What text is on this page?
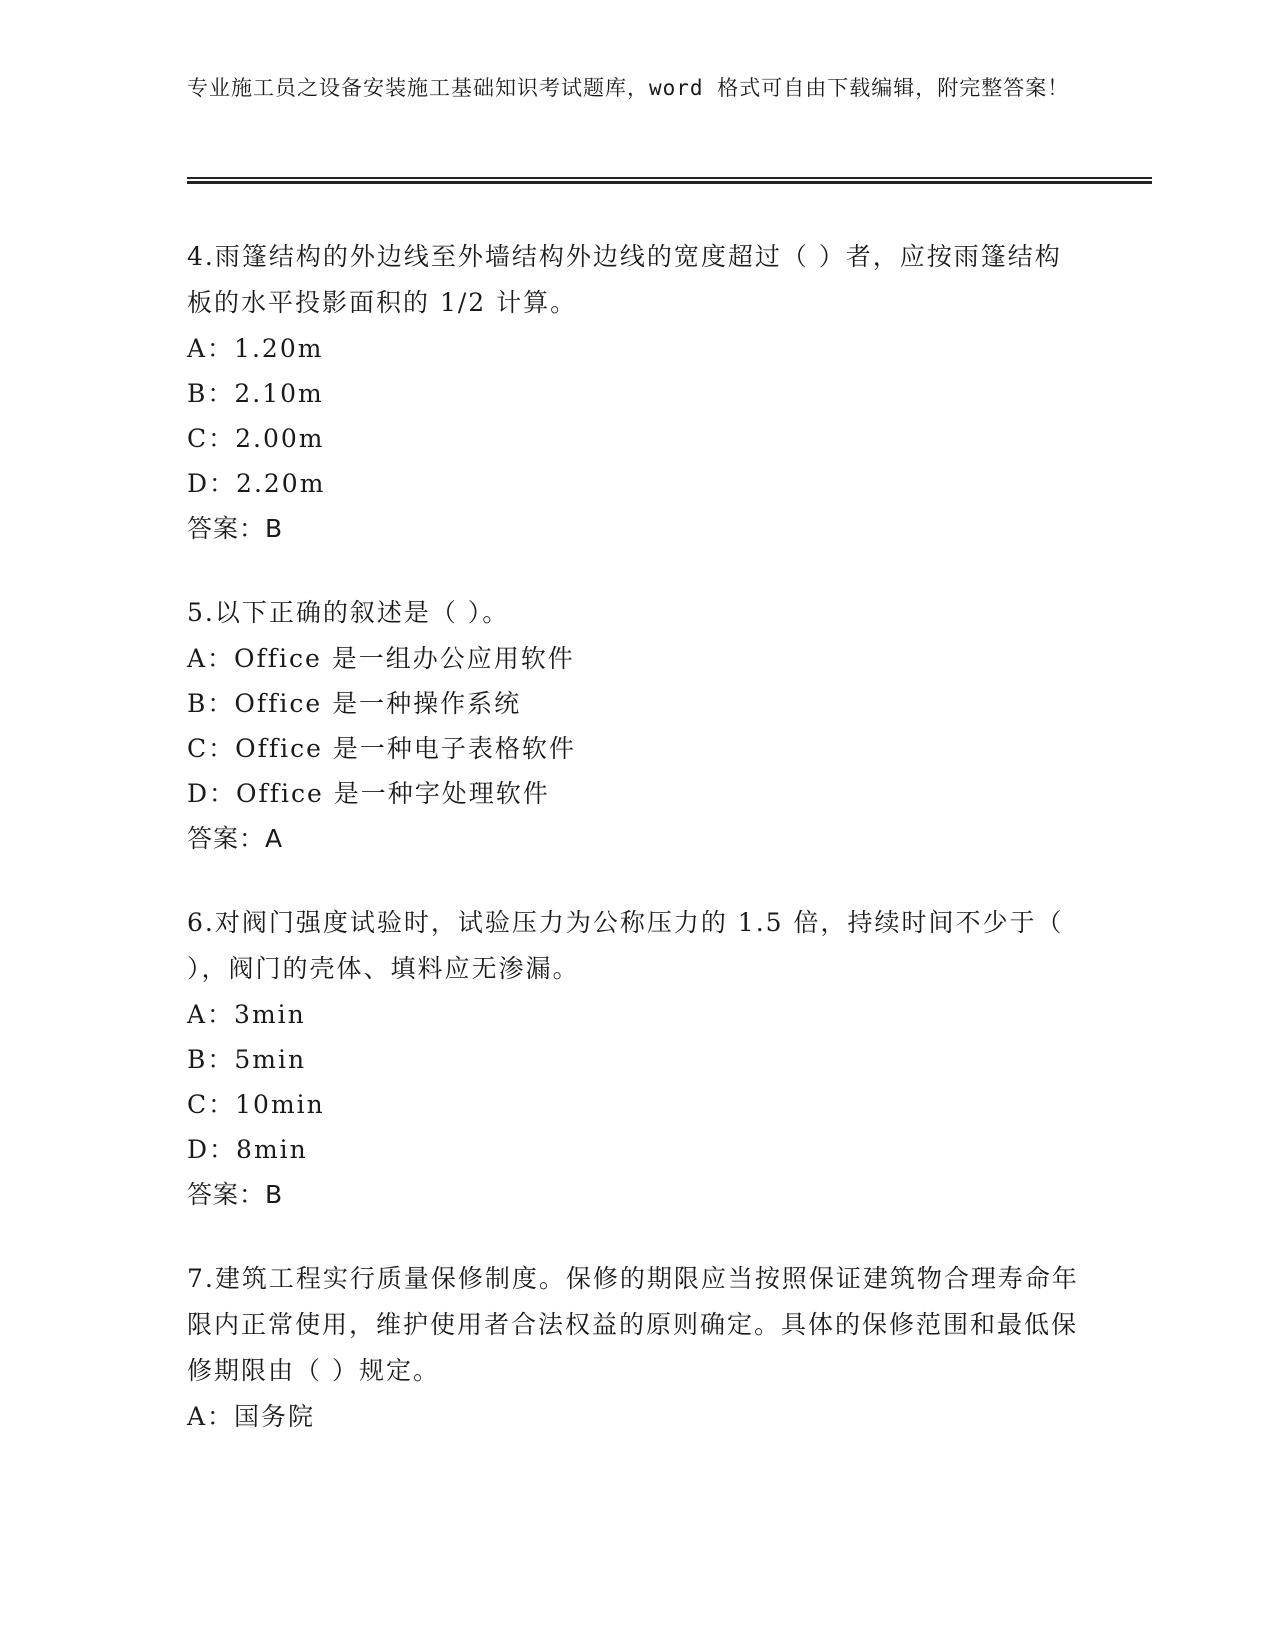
专业施工员之设备安装施工基础知识考试题库，word 格式可自由下载编辑，附完整答案！

4.雨篷结构的外边线至外墙结构外边线的宽度超过（ ）者，应按雨篷结构板的水平投影面积的 1/2 计算。

A：1.20m

B：2.10m

C：2.00m

D：2.20m

答案：B

5.以下正确的叙述是（ ）。

A：Office 是一组办公应用软件

B：Office 是一种操作系统

C：Office 是一种电子表格软件

D：Office 是一种字处理软件

答案：A

6.对阀门强度试验时，试验压力为公称压力的 1.5 倍，持续时间不少于（ ），阀门的壳体、填料应无渗漏。

A：3min

B：5min

C：10min

D：8min

答案：B

7.建筑工程实行质量保修制度。保修的期限应当按照保证建筑物合理寿命年限内正常使用，维护使用者合法权益的原则确定。具体的保修范围和最低保修期限由（ ）规定。

A：国务院
